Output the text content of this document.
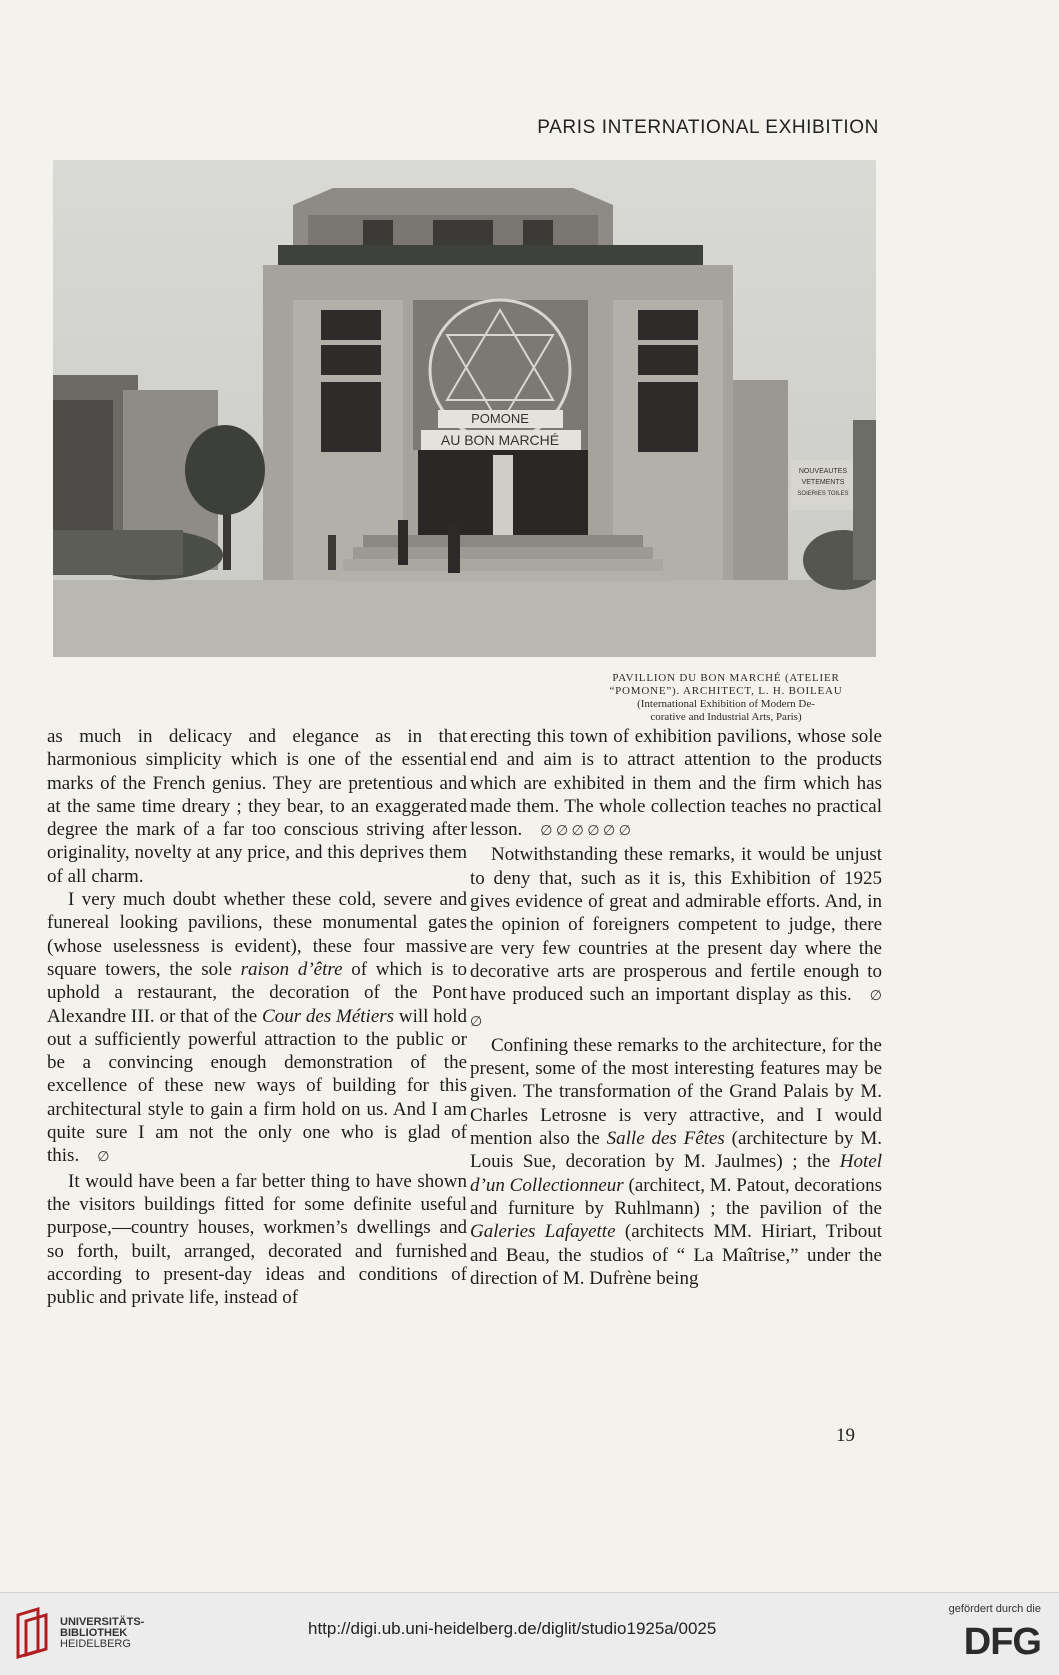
PARIS INTERNATIONAL EXHIBITION
POMONE
AU BON MARCHÉ
NOUVEAUTES
VETEMENTS
SOIERIES TOILES
PAVILLION DU BON MARCHÉ (ATELIER
“POMONE”). ARCHITECT, L. H. BOILEAU
(International Exhibition of Modern De-
corative and Industrial Arts, Paris)

as much in delicacy and elegance as in that harmonious simplicity which is one of the essential marks of the French genius. They are pretentious and at the same time dreary ; they bear, to an exaggerated degree the mark of a far too conscious striving after originality, novelty at any price, and this deprives them of all charm.

I very much doubt whether these cold, severe and funereal looking pavilions, these monumental gates (whose uselessness is evident), these four massive square towers, the sole raison d’être of which is to uphold a restaurant, the decoration of the Pont Alexandre III. or that of the Cour des Métiers will hold out a sufficiently powerful attraction to the public or be a convincing enough demonstration of the excellence of these new ways of building for this architectural style to gain a firm hold on us. And I am quite sure I am not the only one who is glad of this. ∅

It would have been a far better thing to have shown the visitors buildings fitted for some definite useful purpose,—country houses, workmen’s dwellings and so forth, built, arranged, decorated and furnished according to present-day ideas and conditions of public and private life, instead of

erecting this town of exhibition pavilions, whose sole end and aim is to attract attention to the products which are exhibited in them and the firm which has made them. The whole collection teaches no practical lesson. ∅ ∅ ∅ ∅ ∅ ∅

Notwithstanding these remarks, it would be unjust to deny that, such as it is, this Exhibition of 1925 gives evidence of great and admirable efforts. And, in the opinion of foreigners competent to judge, there are very few countries at the present day where the decorative arts are prosperous and fertile enough to have produced such an important display as this. ∅ ∅

Confining these remarks to the architecture, for the present, some of the most interesting features may be given. The transformation of the Grand Palais by M. Charles Letrosne is very attractive, and I would mention also the Salle des Fêtes (architecture by M. Louis Sue, decoration by M. Jaulmes) ; the Hotel d’un Collectionneur (architect, M. Patout, decorations and furniture by Ruhlmann) ; the pavilion of the Galeries Lafayette (architects MM. Hiriart, Tribout and Beau, the studios of “ La Maîtrise,” under the direction of M. Dufrène being

19
UNIVERSITÄTS-
BIBLIOTHEK
HEIDELBERG
http://digi.ub.uni-heidelberg.de/diglit/studio1925a/0025
gefördert durch die
DFG
